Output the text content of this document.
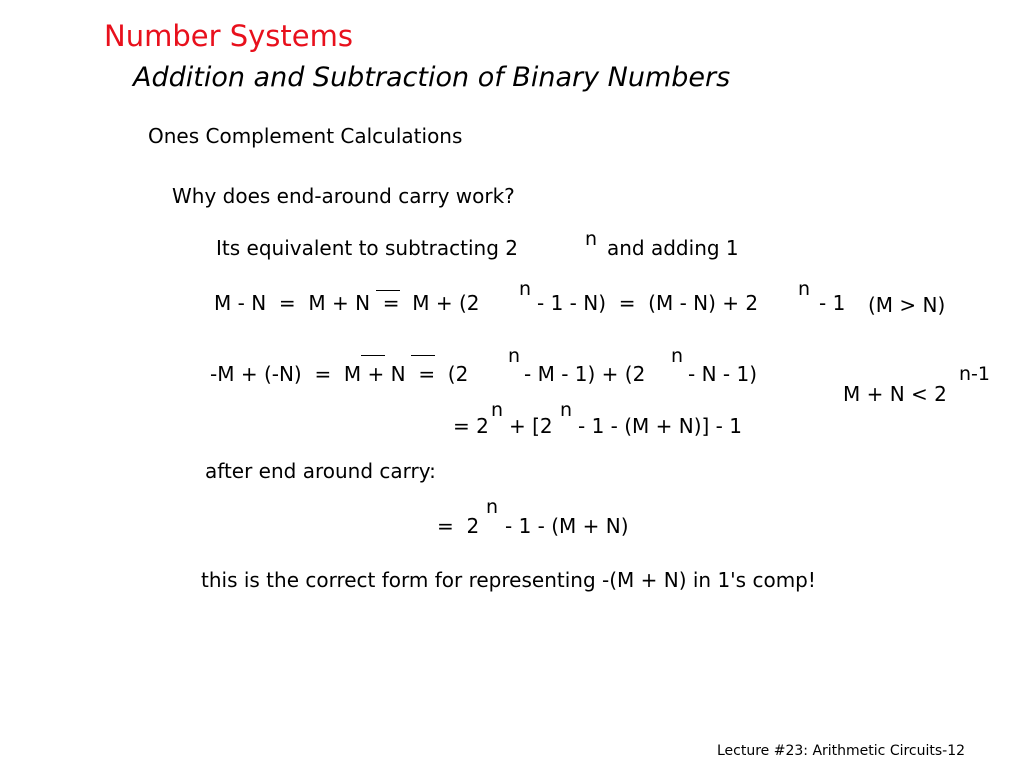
Number Systems
Addition and Subtraction of Binary Numbers
Ones Complement Calculations
Why does end-around carry work?
Its equivalent to subtracting 2	n and adding 1
M - N  =  M + N  =  M + (2
n
- 1 - N)  =  (M - N) + 2
n
- 1 (M > N)
-M + (-N)  =  M + N  =  (2
n
- M - 1) + (2
n
- N - 1)
M + N < 2
n-1
= 2
n
+ [2
n
- 1 - (M + N)] - 1
after end around carry:
=  2
n
- 1 - (M + N)
this is the correct form for representing -(M + N) in 1's comp!
Lecture #23: Arithmetic Circuits-12
